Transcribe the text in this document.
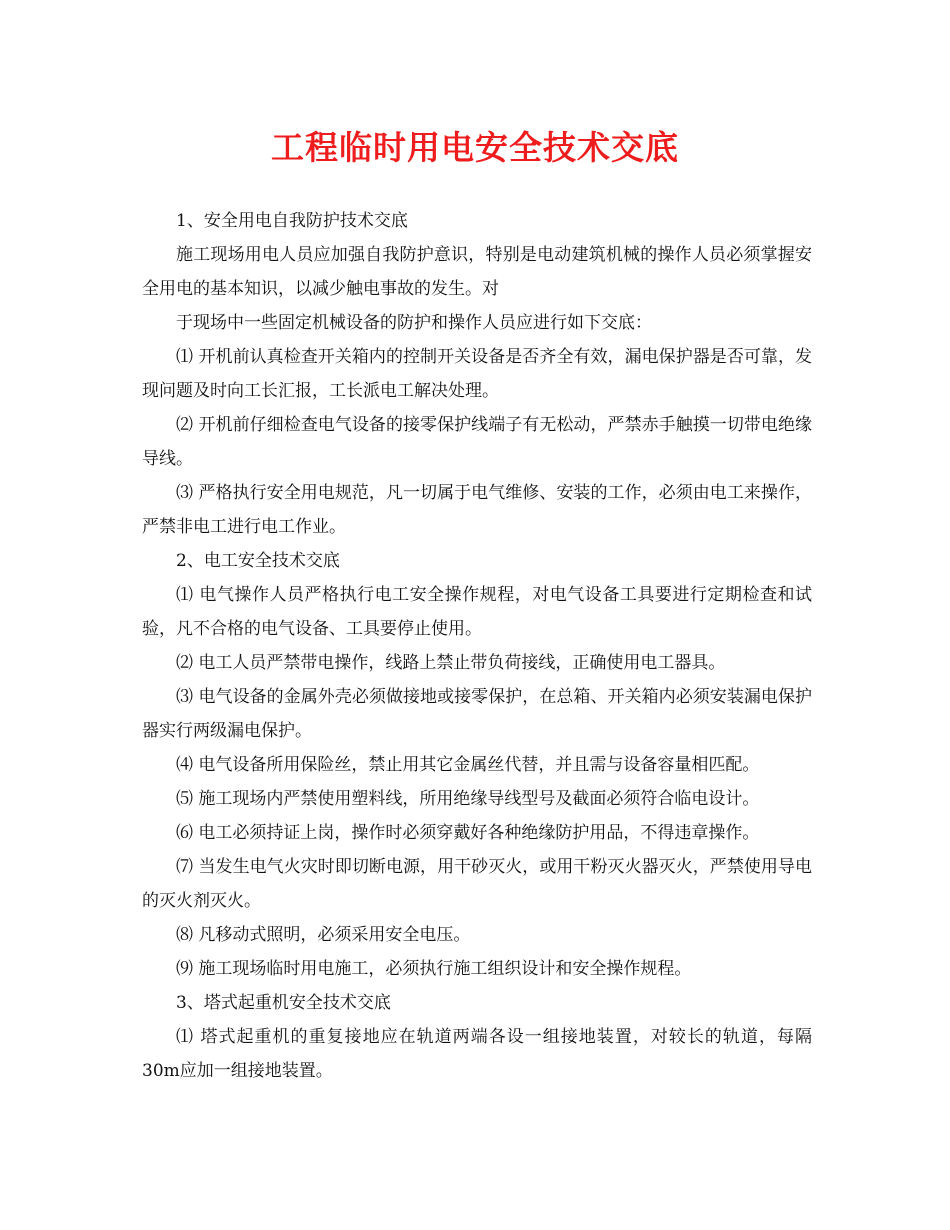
工程临时用电安全技术交底

1、安全用电自我防护技术交底

施工现场用电人员应加强自我防护意识，特别是电动建筑机械的操作人员必须掌握安全用电的基本知识，以减少触电事故的发生。对

于现场中一些固定机械设备的防护和操作人员应进行如下交底：

⑴ 开机前认真检查开关箱内的控制开关设备是否齐全有效，漏电保护器是否可靠，发现问题及时向工长汇报，工长派电工解决处理。

⑵ 开机前仔细检查电气设备的接零保护线端子有无松动，严禁赤手触摸一切带电绝缘导线。

⑶ 严格执行安全用电规范，凡一切属于电气维修、安装的工作，必须由电工来操作，严禁非电工进行电工作业。

2、电工安全技术交底

⑴ 电气操作人员严格执行电工安全操作规程，对电气设备工具要进行定期检查和试验，凡不合格的电气设备、工具要停止使用。

⑵ 电工人员严禁带电操作，线路上禁止带负荷接线，正确使用电工器具。

⑶ 电气设备的金属外壳必须做接地或接零保护，在总箱、开关箱内必须安装漏电保护器实行两级漏电保护。

⑷ 电气设备所用保险丝，禁止用其它金属丝代替，并且需与设备容量相匹配。

⑸ 施工现场内严禁使用塑料线，所用绝缘导线型号及截面必须符合临电设计。

⑹ 电工必须持证上岗，操作时必须穿戴好各种绝缘防护用品，不得违章操作。

⑺ 当发生电气火灾时即切断电源，用干砂灭火，或用干粉灭火器灭火，严禁使用导电的灭火剂灭火。

⑻ 凡移动式照明，必须采用安全电压。

⑼ 施工现场临时用电施工，必须执行施工组织设计和安全操作规程。

3、塔式起重机安全技术交底

⑴ 塔式起重机的重复接地应在轨道两端各设一组接地装置，对较长的轨道，每隔 30m应加一组接地装置。
